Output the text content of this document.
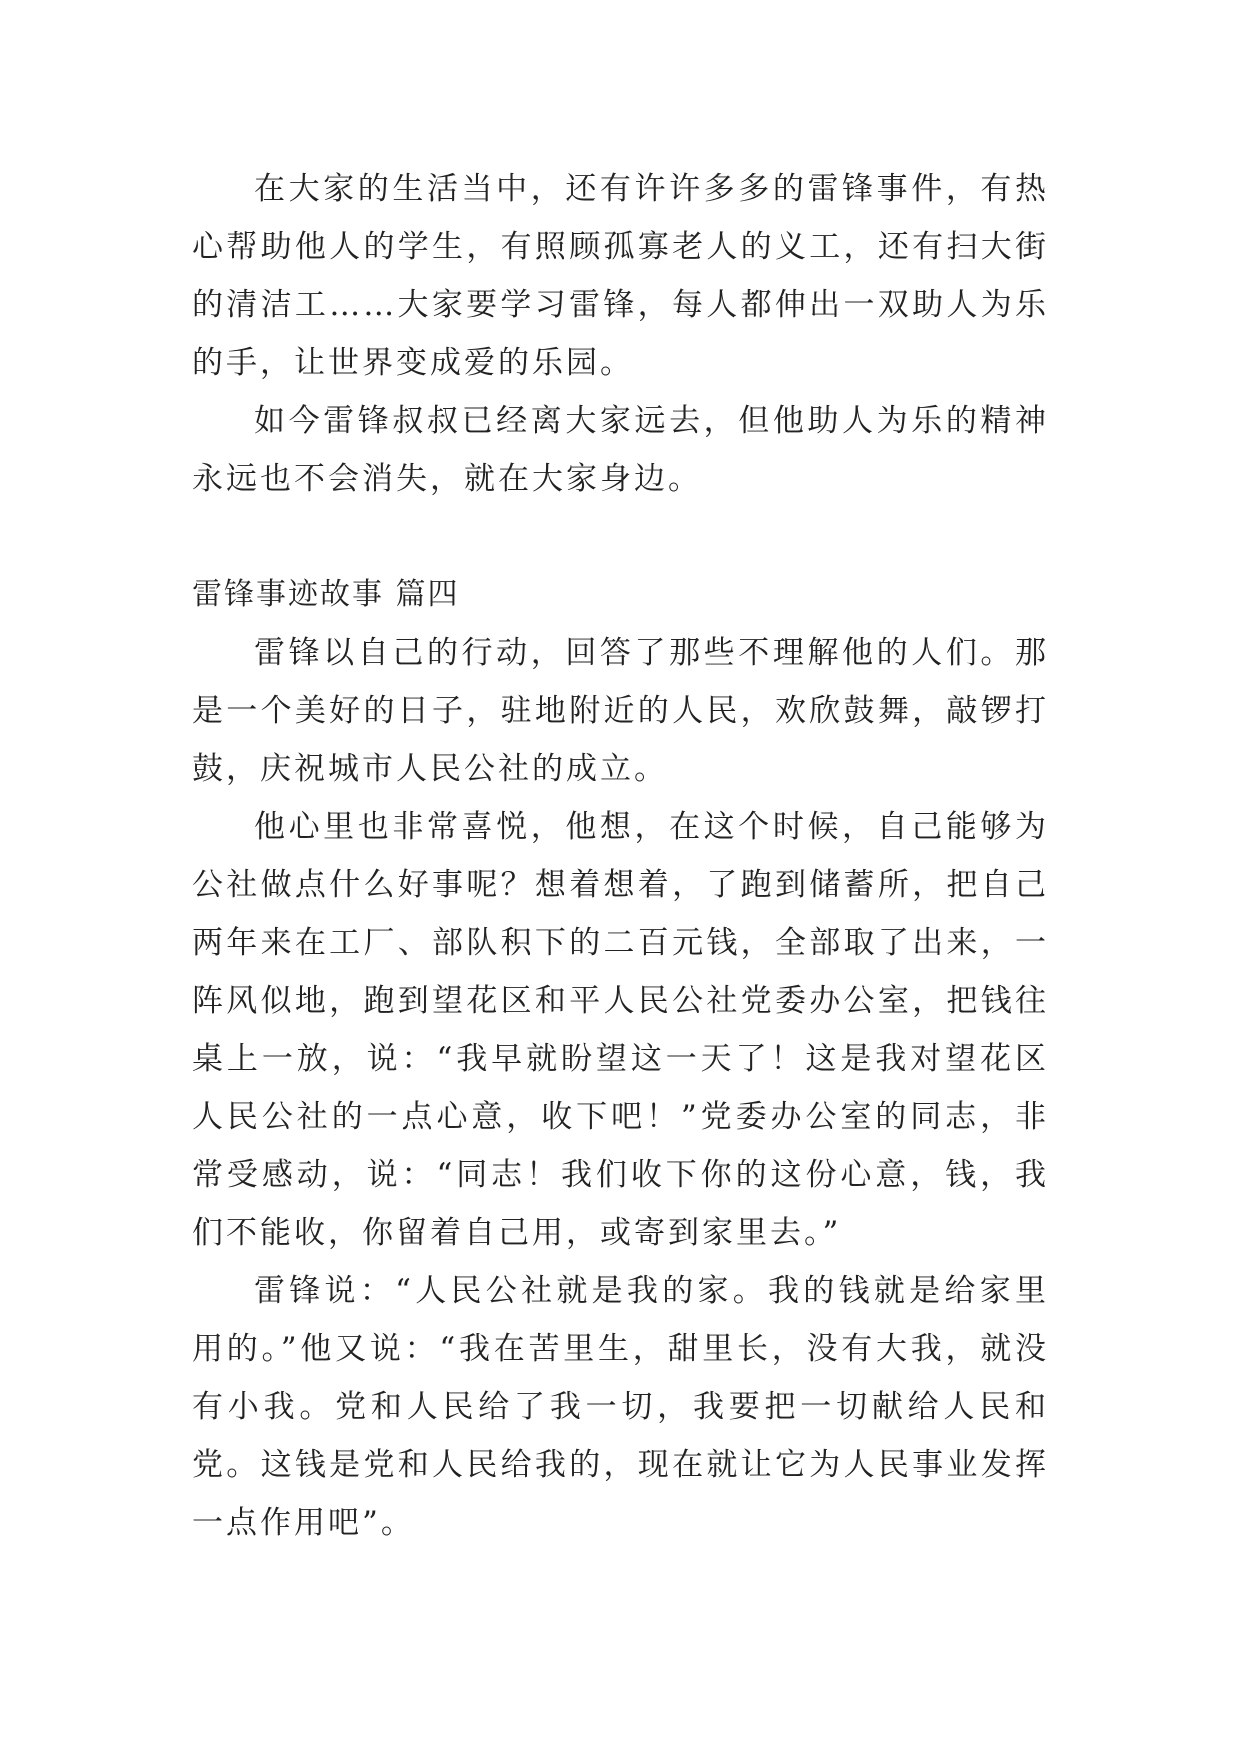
在大家的生活当中，还有许许多多的雷锋事件，有热心帮助他人的学生，有照顾孤寡老人的义工，还有扫大街的清洁工……大家要学习雷锋，每人都伸出一双助人为乐的手，让世界变成爱的乐园。

如今雷锋叔叔已经离大家远去，但他助人为乐的精神永远也不会消失，就在大家身边。

雷锋事迹故事 篇四

雷锋以自己的行动，回答了那些不理解他的人们。那是一个美好的日子，驻地附近的人民，欢欣鼓舞，敲锣打鼓，庆祝城市人民公社的成立。

他心里也非常喜悦，他想，在这个时候，自己能够为公社做点什么好事呢？想着想着，了跑到储蓄所，把自己两年来在工厂、部队积下的二百元钱，全部取了出来，一阵风似地，跑到望花区和平人民公社党委办公室，把钱往桌上一放，说：“我早就盼望这一天了！这是我对望花区人民公社的一点心意，收下吧！”党委办公室的同志，非常受感动，说：“同志！我们收下你的这份心意，钱，我们不能收，你留着自己用，或寄到家里去。”

雷锋说：“人民公社就是我的家。我的钱就是给家里用的。”他又说：“我在苦里生，甜里长，没有大我，就没有小我。党和人民给了我一切，我要把一切献给人民和党。这钱是党和人民给我的，现在就让它为人民事业发挥一点作用吧”。
